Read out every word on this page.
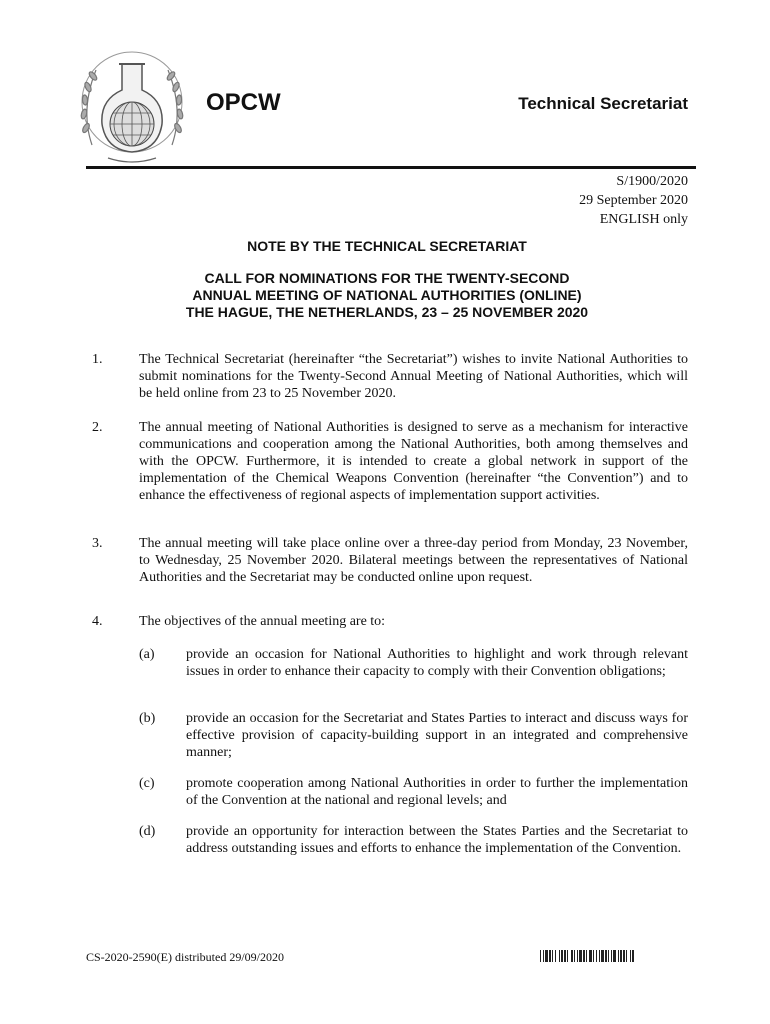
OPCW	Technical Secretariat
S/1900/2020
29 September 2020
ENGLISH only
NOTE BY THE TECHNICAL SECRETARIAT
CALL FOR NOMINATIONS FOR THE TWENTY-SECOND
ANNUAL MEETING OF NATIONAL AUTHORITIES (ONLINE)
THE HAGUE, THE NETHERLANDS, 23 – 25 NOVEMBER 2020
1.	The Technical Secretariat (hereinafter “the Secretariat”) wishes to invite National Authorities to submit nominations for the Twenty-Second Annual Meeting of National Authorities, which will be held online from 23 to 25 November 2020.
2.	The annual meeting of National Authorities is designed to serve as a mechanism for interactive communications and cooperation among the National Authorities, both among themselves and with the OPCW. Furthermore, it is intended to create a global network in support of the implementation of the Chemical Weapons Convention (hereinafter “the Convention”) and to enhance the effectiveness of regional aspects of implementation support activities.
3.	The annual meeting will take place online over a three-day period from Monday, 23 November, to Wednesday, 25 November 2020. Bilateral meetings between the representatives of National Authorities and the Secretariat may be conducted online upon request.
4.	The objectives of the annual meeting are to:
(a) provide an occasion for National Authorities to highlight and work through relevant issues in order to enhance their capacity to comply with their Convention obligations;
(b) provide an occasion for the Secretariat and States Parties to interact and discuss ways for effective provision of capacity-building support in an integrated and comprehensive manner;
(c) promote cooperation among National Authorities in order to further the implementation of the Convention at the national and regional levels; and
(d) provide an opportunity for interaction between the States Parties and the Secretariat to address outstanding issues and efforts to enhance the implementation of the Convention.
CS-2020-2590(E) distributed 29/09/2020
